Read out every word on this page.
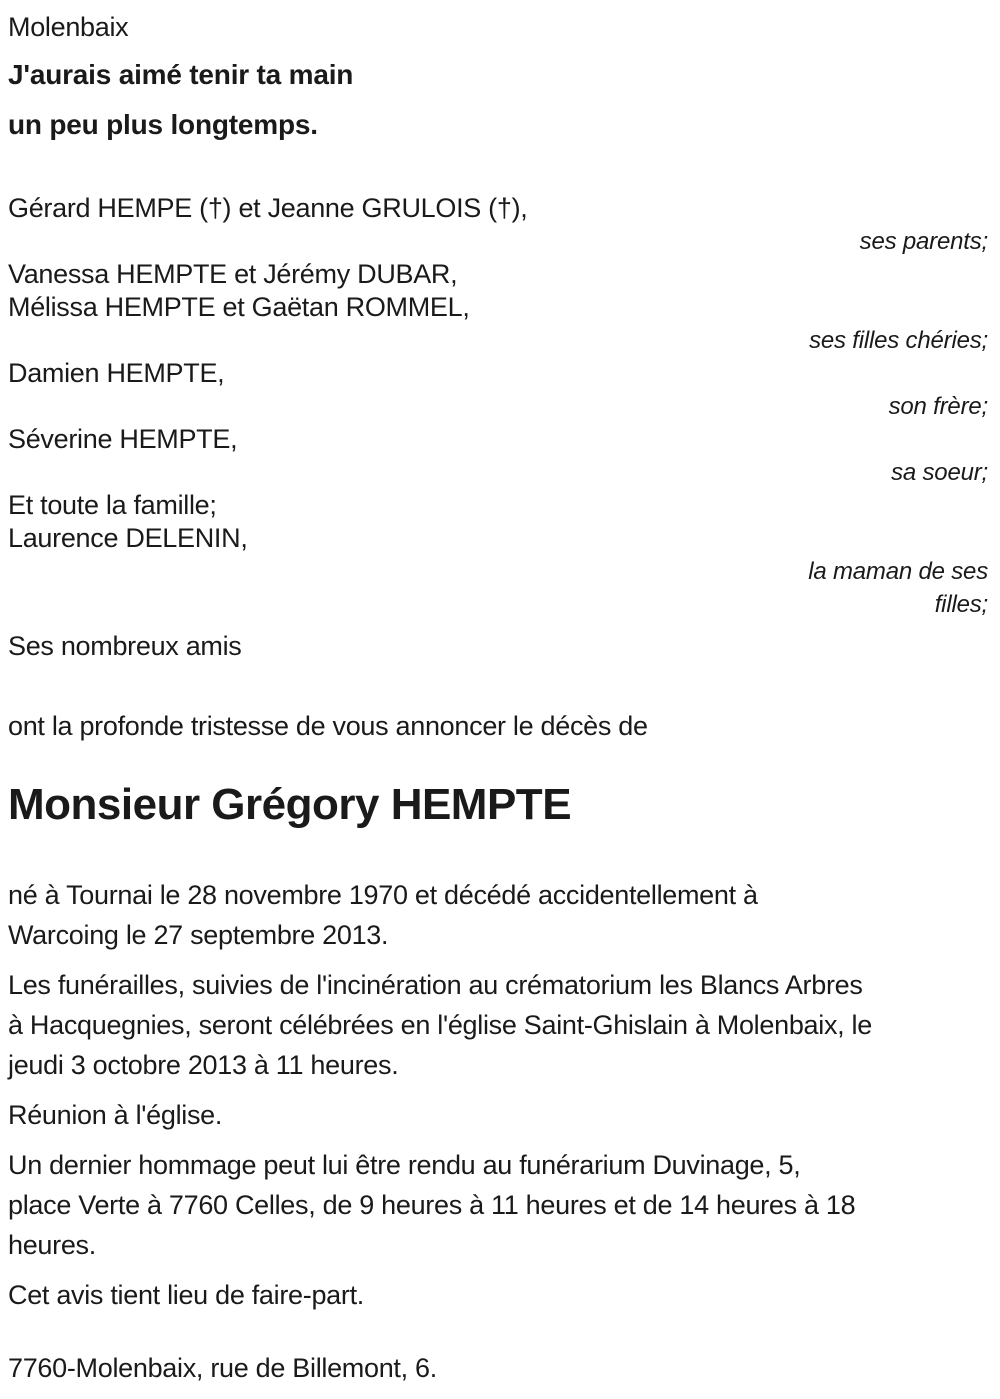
Molenbaix
J'aurais aimé tenir ta main
un peu plus longtemps.
Gérard HEMPE (†) et Jeanne GRULOIS (†),
ses parents;
Vanessa HEMPTE et Jérémy DUBAR,
Mélissa HEMPTE et Gaëtan ROMMEL,
ses filles chéries;
Damien HEMPTE,
son frère;
Séverine HEMPTE,
sa soeur;
Et toute la famille;
Laurence DELENIN,
la maman de ses
filles;
Ses nombreux amis
ont la profonde tristesse de vous annoncer le décès de
Monsieur Grégory HEMPTE
né à Tournai le 28 novembre 1970 et décédé accidentellement à
Warcoing le 27 septembre 2013.
Les funérailles, suivies de l'incinération au crématorium les Blancs Arbres
à Hacquegnies, seront célébrées en l'église Saint-Ghislain à Molenbaix, le
jeudi 3 octobre 2013 à 11 heures.
Réunion à l'église.
Un dernier hommage peut lui être rendu au funérarium Duvinage, 5,
place Verte à 7760 Celles, de 9 heures à 11 heures et de 14 heures à 18
heures.
Cet avis tient lieu de faire-part.
7760-Molenbaix, rue de Billemont, 6.
